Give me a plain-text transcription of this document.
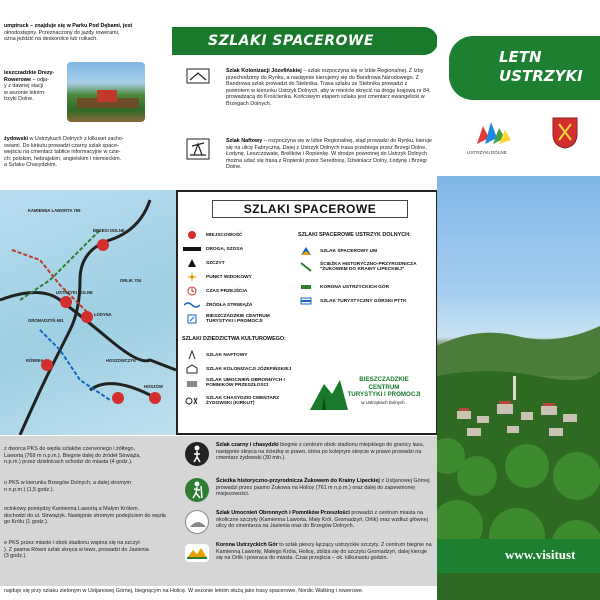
umptruck – znajduje się w Parku Pod Dębami, jest
ołnodostępny. Przeznaczony do jazdy rowerami,
ożna jeździć na deskorolce lub rolkach.
ieszczadzkie Drezy-
Rowerowe – odja-
y z dawnej stacji
w sezonie letnim:
trzyki Dolne.
żydowski w Ustrzykach Dolnych z kilkuset zacho-
owami. Do kirkutu prowadzi czarny szlak space-
wejściu na cmentarz tablice informacyjne w czte-
ch: polskim, hebrajskim, angielskim i niemieckim.
a Szlaku Chasydzkim.
SZLAKI SPACEROWE
Szlak Kolonizacji Józefińskiej – szlak rozpoczyna się w Izbie Regionalnej. Z Izby przechodzimy do Rynku, a następnie kierujemy się do Bandrowa Narodowego. Z Bandrowa szlak prowadzi do Stebnika. Trasa szlaku ze Stebnika prowadzi z powrotem w kierunku Ustrzyk Dolnych, aby w mieście skręcić na drogę krajową nr 84, prowadzącą do Krościenka. Końcowym etapem szlaku jest cmentarz ewangelicki w Brzegach Dolnych.
Szlak Naftowy – rozpoczyna się w Izbie Regionalnej, stąd prowadzi do Rynku, kieruje się na ulicę Fabryczną. Dalej z Ustrzyk Dolnych trasa przebiega przez Brzegi Dolne, Łodynę, Leszczowate, Brelików i Ropienkę. W drodze powrotnej do Ustrzyk Dolnych można udać się trasą z Ropienki przez Serednicę, Dźwiniacz Dolny, Łodynę i Brzegi Dolne.
KAMIENNA LAWORTA 769
BRZEGI DOLNE
ORLIK 704
USTRZYKI DOLNE
GROMADZYŃ 651
ŁODYNA
RÓWNIA	HOSZOWCZYK
HOSZÓW
SZLAKI SPACEROWE
MIEJSCOWOŚĆ
DROGA, SZOSA
SZCZYT
PUNKT WIDOKOWY
CZAS PRZEJŚCIA
ŹRÓDŁA STRWIĄŻA
BIESZCZADZKIE CENTRUM TURYSTYKI I PROMOCJI
SZLAKI SPACEROWE USTRZYK DOLNYCH:
SZLAK SPACEROWY UM
ŚCIEŻKA HISTORYCZNO-PRZYRODNICZA "ŻUKOWEM DO KRAINY LIPECKIEJ"
KORONA USTRZYCKICH GÓR
SZLAK TURYSTYCZNY GÓRSKI PTTK
SZLAKI DZIEDZICTWA KULTUROWEGO:
SZLAK NAFTOWY
SZLAK KOLONIZACJI JÓZEFIŃSKIEJ
SZLAK UMOCNIEŃ OBRONNYCH I POMNIKÓW PRZESZŁOŚCI
SZLAK CHASYDZKI CMENTARZ ŻYDOWSKI (KIRKUT)
BIESZCZADZKIE
CENTRUM
TURYSTYKI I PROMOCJI
w Ustrzykach Dolnych
z dworca PKS do węzła szlaków czerwonego i żółtego,
Lawortą (769 m n.p.m.). Biegnie dalej do źródeł Strwiąża,
n.p.m.) przez dzielnicach schodzi do miasta (4 godz.).
o PKS w kierunku Brzegów Dolnych, a dalej stromym
n n.p.m.) (1,5 godz.).
ocinkowy pomiędzy Kamienną Lawortą a Małym Królem.
dochodzi do ul. Strwiążyk. Następnie stromym podejściem do węzła
go Królu (1 godz.).
e PKS przez miasto i obok stadionu wspina się na szczyt
). Z pasma Równi szlak skręca w lewo, prowadzi do Jasienia
(3 godz.).
Szlak czarny i chasydzki biegnie z centrum obok stadionu miejskiego do granicy lasu, następnie skręca na ścieżkę w prawo, która po kolejnym skręcie w prawo prowadzi na cmentarz żydowski (30 min.).
Ścieżka historyczno-przyrodnicza Żukowem do Krainy Lipeckiej z Ustjanowej Górnej prowadzi przez pasmo Żukowa na Holicę (761 m n.p.m.) oraz dalej do zapewnionej miejscowości.
Szlak Umocnień Obronnych i Pomników Przeszłości prowadzi z centrum miasta na okoliczne szczyty (Kamienna Laworta, Mały Król, Gromadzyń, Orlik) oraz wzdłuż głównej ulicy do cmentarza na Jasienia oraz do Brzegów Dolnych.
Korona Ustrzyckich Gór to szlak pieszy łączący ustrzyckie szczyty. Z centrum biegnie na Kamienną Lawortę, Małego Króla, Holicę, zbliża się do szczytu Gromadzyń, dalej kieruje się na Orlik i powraca do miasta. Czas przejścia – ok. kilkunastu godzin.
najduje się przy szlaku zielonym w Ustjanowej Górnej, biegnącym na Holicę. W sezonie letnim służą jako trasy spacerowe, Nordic Walking i rowerowe.
LETN
USTRZYKI
USTRZYKI DOLNE
www.visitust
